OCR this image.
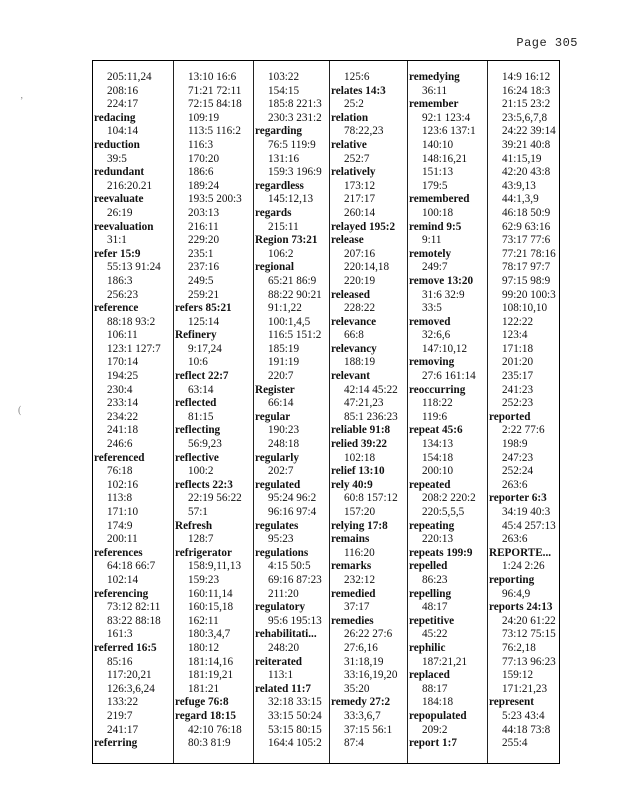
Page 305
205:11,24
208:16
224:17
redacing
104:14
reduction
39:5
redundant
216:20.21
reevaluate
26:19
reevaluation
31:1
refer 15:9
55:13 91:24
186:3
256:23
reference
88:18 93:2
106:11
123:1 127:7
170:14
194:25
230:4
233:14
234:22
241:18
246:6
referenced
76:18
102:16
113:8
171:10
174:9
200:11
references
64:18 66:7
102:14
referencing
73:12 82:11
83:22 88:18
161:3
referred 16:5
85:16
117:20,21
126:3,6,24
133:22
219:7
241:17
referring
13:10 16:6
71:21 72:11
72:15 84:18
109:19
113:5 116:2
116:3
170:20
186:6
189:24
193:5 200:3
203:13
216:11
229:20
235:1
237:16
249:5
259:21
refers 85:21
125:14
Refinery
9:17,24
10:6
reflect 22:7
63:14
reflected
81:15
reflecting
56:9,23
reflective
100:2
reflects 22:3
22:19 56:22
57:1
Refresh
128:7
refrigerator
158:9,11,13
159:23
160:11,14
160:15,18
162:11
180:3,4,7
180:12
181:14,16
181:19,21
181:21
refuge 76:8
regard 18:15
42:10 76:18
80:3 81:9
103:22
154:15
185:8 221:3
230:3 231:2
regarding
76:5 119:9
131:16
159:3 196:9
regardless
145:12,13
regards
215:11
Region 73:21
106:2
regional
65:21 86:9
88:22 90:21
91:1,22
100:1,4,5
116:5 151:2
185:19
191:19
220:7
Register
66:14
regular
190:23
248:18
regularly
202:7
regulated
95:24 96:2
96:16 97:4
regulates
95:23
regulations
4:15 50:5
69:16 87:23
211:20
regulatory
95:6 195:13
rehabilitati...
248:20
reiterated
113:1
related 11:7
32:18 33:15
33:15 50:24
53:15 80:15
164:4 105:2
125:6
relates 14:3
25:2
relation
78:22,23
relative
252:7
relatively
173:12
217:17
260:14
relayed 195:2
release
207:16
220:14,18
220:19
released
228:22
relevance
66:8
relevancy
188:19
relevant
42:14 45:22
47:21,23
85:1 236:23
reliable 91:8
relied 39:22
102:18
relief 13:10
rely 40:9
60:8 157:12
157:20
relying 17:8
remains
116:20
remarks
232:12
remedied
37:17
remedies
26:22 27:6
27:6,16
31:18,19
33:16,19,20
35:20
remedy 27:2
33:3,6,7
37:15 56:1
87:4
remedying
36:11
remember
92:1 123:4
123:6 137:1
140:10
148:16,21
151:13
179:5
remembered
100:18
remind 9:5
9:11
remotely
249:7
remove 13:20
31:6 32:9
33:5
removed
32:6,6
147:10,12
removing
27:6 161:14
reoccurring
118:22
119:6
repeat 45:6
134:13
154:18
200:10
repeated
208:2 220:2
220:5,5,5
repeating
220:13
repeats 199:9
repelled
86:23
repelling
48:17
repetitive
45:22
rephilic
187:21,21
replaced
88:17
184:18
repopulated
209:2
report 1:7
14:9 16:12
16:24 18:3
21:15 23:2
23:5,6,7,8
24:22 39:14
39:21 40:8
41:15,19
42:20 43:8
43:9,13
44:1,3,9
46:18 50:9
62:9 63:16
73:17 77:6
77:21 78:16
78:17 97:7
97:15 98:9
99:20 100:3
108:10,10
122:22
123:4
171:18
201:20
235:17
241:23
252:23
reported
2:22 77:6
198:9
247:23
252:24
263:6
reporter 6:3
34:19 40:3
45:4 257:13
263:6
REPORTE...
1:24 2:26
reporting
96:4,9
reports 24:13
24:20 61:22
73:12 75:15
76:2,18
77:13 96:23
159:12
171:21,23
represent
5:23 43:4
44:18 73:8
255:4
’
(
